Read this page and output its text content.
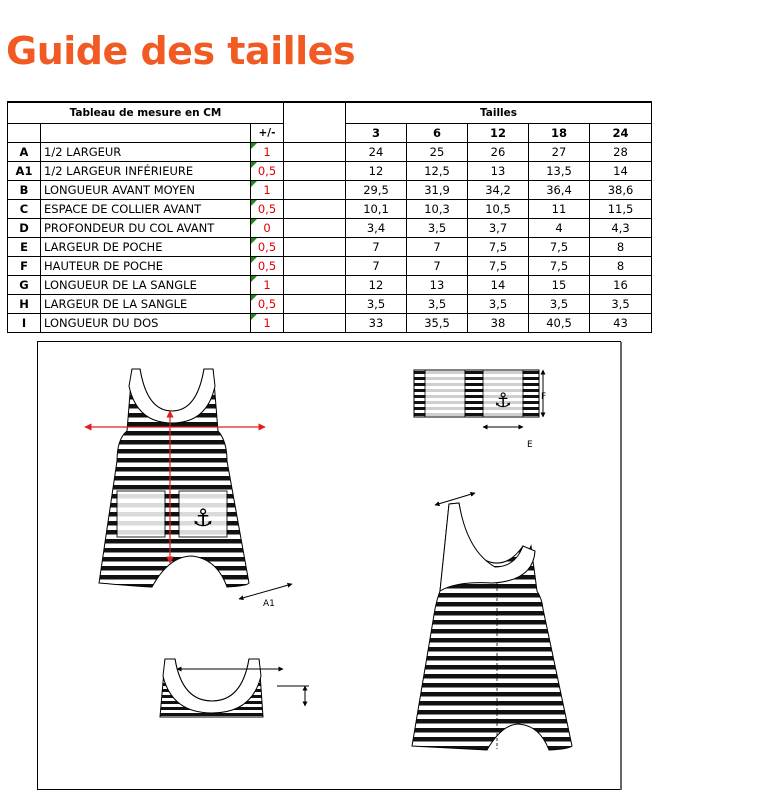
Guide des tailles
Tableau de mesure en CM				Tailles				
		+/-		3	6	12	18	24
A	1/2 LARGEUR	1		24	25	26	27	28
A1	1/2 LARGEUR INFÉRIEURE	0,5		12	12,5	13	13,5	14
B	LONGUEUR AVANT MOYEN	1		29,5	31,9	34,2	36,4	38,6
C	ESPACE DE COLLIER AVANT	0,5		10,1	10,3	10,5	11	11,5
D	PROFONDEUR DU COL AVANT	0		3,4	3,5	3,7	4	4,3
E	LARGEUR DE POCHE	0,5		7	7	7,5	7,5	8
F	HAUTEUR DE POCHE	0,5		7	7	7,5	7,5	8
G	LONGUEUR DE LA SANGLE	1		12	13	14	15	16
H	LARGEUR DE LA SANGLE	0,5		3,5	3,5	3,5	3,5	3,5
I	LONGUEUR DU DOS	1		33	35,5	38	40,5	43
⚓
A1
⚓
E
F
